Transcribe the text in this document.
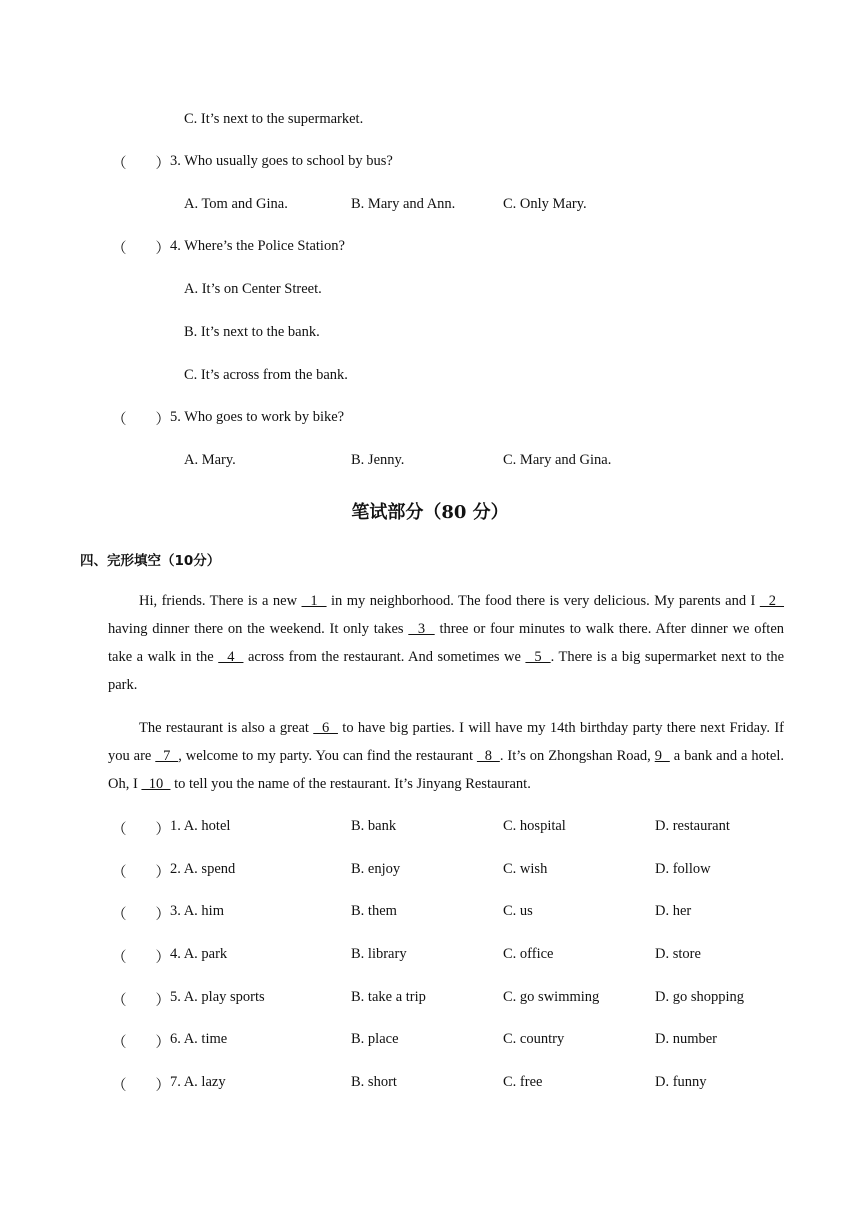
C. It’s next to the supermarket.
（　　） 3. Who usually goes to school by bus?
A. Tom and Gina.	B. Mary and Ann.	C. Only Mary.
（　　） 4. Where’s the Police Station?
A. It’s on Center Street.
B. It’s next to the bank.
C. It’s across from the bank.
（　　） 5. Who goes to work by bike?
A. Mary.	B. Jenny.	C. Mary and Gina.
笔试部分（80 分）
四、完形填空（10分）

Hi, friends. There is a new   1   in my neighborhood. The food there is very delicious. My parents and I   2   having dinner there on the weekend. It only takes   3   three or four minutes to walk there. After dinner we often take a walk in the   4   across from the restaurant. And sometimes we   5  . There is a big supermarket next to the park.

The restaurant is also a great   6   to have big parties. I will have my 14th birthday party there next Friday. If you are   7  , welcome to my party. You can find the restaurant   8  . It’s on Zhongshan Road, 9   a bank and a hotel. Oh, I   10   to tell you the name of the restaurant. It’s Jinyang Restaurant.

（　　） 1. A. hotel	B. bank	C. hospital	D. restaurant
（　　） 2. A. spend	B. enjoy	C. wish	D. follow
（　　） 3. A. him	B. them	C. us	D. her
（　　） 4. A. park	B. library	C. office	D. store
（　　） 5. A. play sports	B. take a trip	C. go swimming	D. go shopping
（　　） 6. A. time	B. place	C. country	D. number
（　　） 7. A. lazy	B. short	C. free	D. funny
